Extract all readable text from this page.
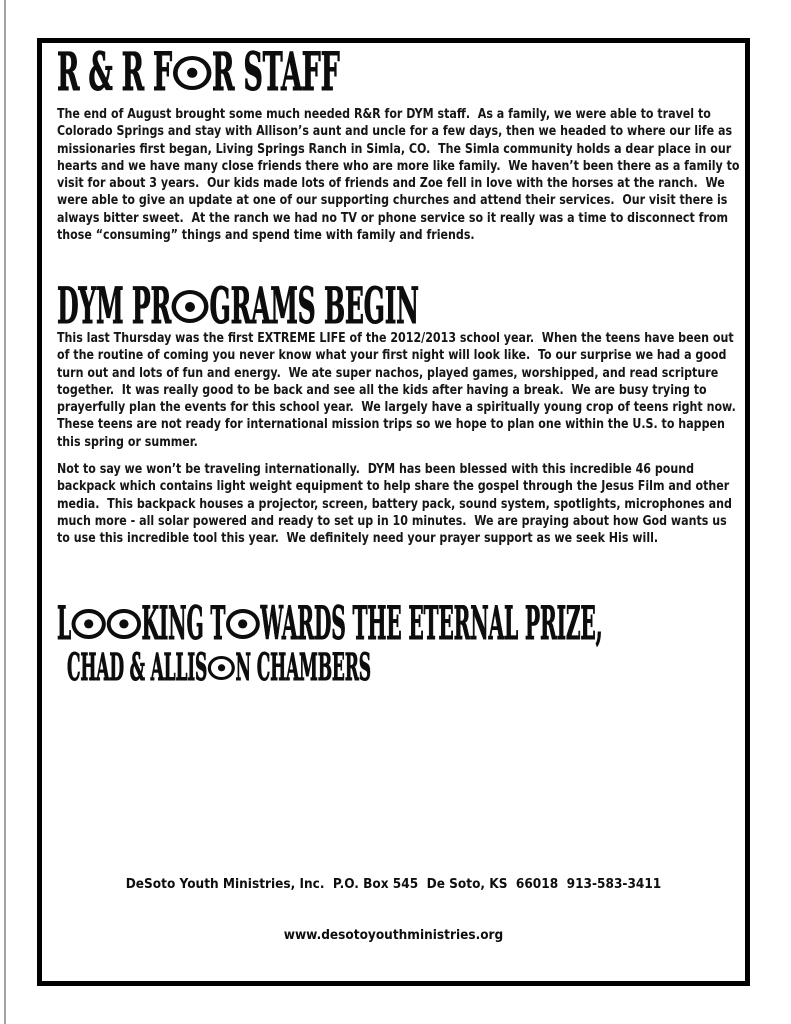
R & R F R STAFF

The end of August brought some much needed R&R for DYM staff.  As a family, we were able to travel to Colorado Springs and stay with Allison’s aunt and uncle for a few days, then we headed to where our life as missionaries first began, Living Springs Ranch in Simla, CO.  The Simla community holds a dear place in our hearts and we have many close friends there who are more like family.  We haven’t been there as a family to visit for about 3 years.  Our kids made lots of friends and Zoe fell in love with the horses at the ranch.  We were able to give an update at one of our supporting churches and attend their services.  Our visit there is always bitter sweet.  At the ranch we had no TV or phone service so it really was a time to disconnect from those “consuming” things and spend time with family and friends.

DYM PR GRAMS BEGIN

This last Thursday was the first EXTREME LIFE of the 2012/2013 school year.  When the teens have been out of the routine of coming you never know what your first night will look like.  To our surprise we had a good turn out and lots of fun and energy.  We ate super nachos, played games, worshipped, and read scripture together.  It was really good to be back and see all the kids after having a break.  We are busy trying to prayerfully plan the events for this school year.  We largely have a spiritually young crop of teens right now.  These teens are not ready for international mission trips so we hope to plan one within the U.S. to happen this spring or summer.

Not to say we won’t be traveling internationally.  DYM has been blessed with this incredible 46 pound backpack which contains light weight equipment to help share the gospel through the Jesus Film and other media.  This backpack houses a projector, screen, battery pack, sound system, spotlights, microphones and much more - all solar powered and ready to set up in 10 minutes.  We are praying about how God wants us to use this incredible tool this year.  We definitely need your prayer support as we seek His will.

L KING T WARDS THE ETERNAL PRIZE,
CHAD & ALLIS N CHAMBERS

DeSoto Youth Ministries, Inc.  P.O. Box 545  De Soto, KS  66018  913-583-3411

www.desotoyouthministries.org
